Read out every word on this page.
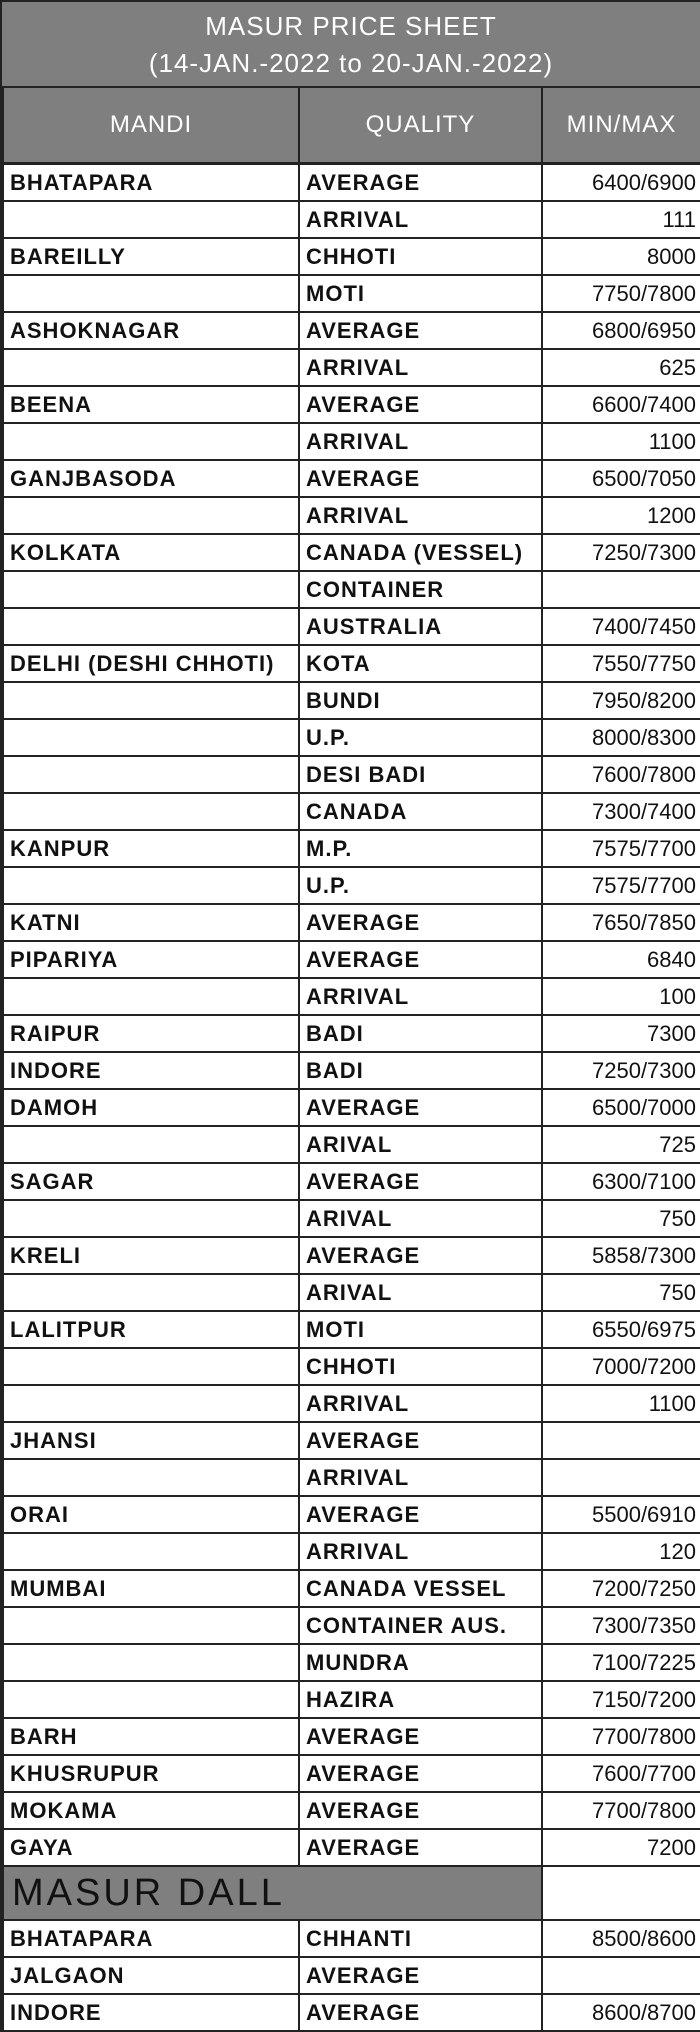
MASUR PRICE SHEET
(14-JAN.-2022 to 20-JAN.-2022)
MANDI	QUALITY	MIN/MAX
BHATAPARA	AVERAGE	6400/6900
	ARRIVAL	111
BAREILLY	CHHOTI	8000
	MOTI	7750/7800
ASHOKNAGAR	AVERAGE	6800/6950
	ARRIVAL	625
BEENA	AVERAGE	6600/7400
	ARRIVAL	1100
GANJBASODA	AVERAGE	6500/7050
	ARRIVAL	1200
KOLKATA	CANADA (VESSEL)	7250/7300
	CONTAINER	
	AUSTRALIA	7400/7450
DELHI (DESHI CHHOTI)	KOTA	7550/7750
	BUNDI	7950/8200
	U.P.	8000/8300
	DESI BADI	7600/7800
	CANADA	7300/7400
KANPUR	M.P.	7575/7700
	U.P.	7575/7700
KATNI	AVERAGE	7650/7850
PIPARIYA	AVERAGE	6840
	ARRIVAL	100
RAIPUR	BADI	7300
INDORE	BADI	7250/7300
DAMOH	AVERAGE	6500/7000
	ARIVAL	725
SAGAR	AVERAGE	6300/7100
	ARIVAL	750
KRELI	AVERAGE	5858/7300
	ARIVAL	750
LALITPUR	MOTI	6550/6975
	CHHOTI	7000/7200
	ARRIVAL	1100
JHANSI	AVERAGE	
	ARRIVAL	
ORAI	AVERAGE	5500/6910
	ARRIVAL	120
MUMBAI	CANADA VESSEL	7200/7250
	CONTAINER AUS.	7300/7350
	MUNDRA	7100/7225
	HAZIRA	7150/7200
BARH	AVERAGE	7700/7800
KHUSRUPUR	AVERAGE	7600/7700
MOKAMA	AVERAGE	7700/7800
GAYA	AVERAGE	7200
MASUR DALL		
BHATAPARA	CHHANTI	8500/8600
JALGAON	AVERAGE	
INDORE	AVERAGE	8600/8700
